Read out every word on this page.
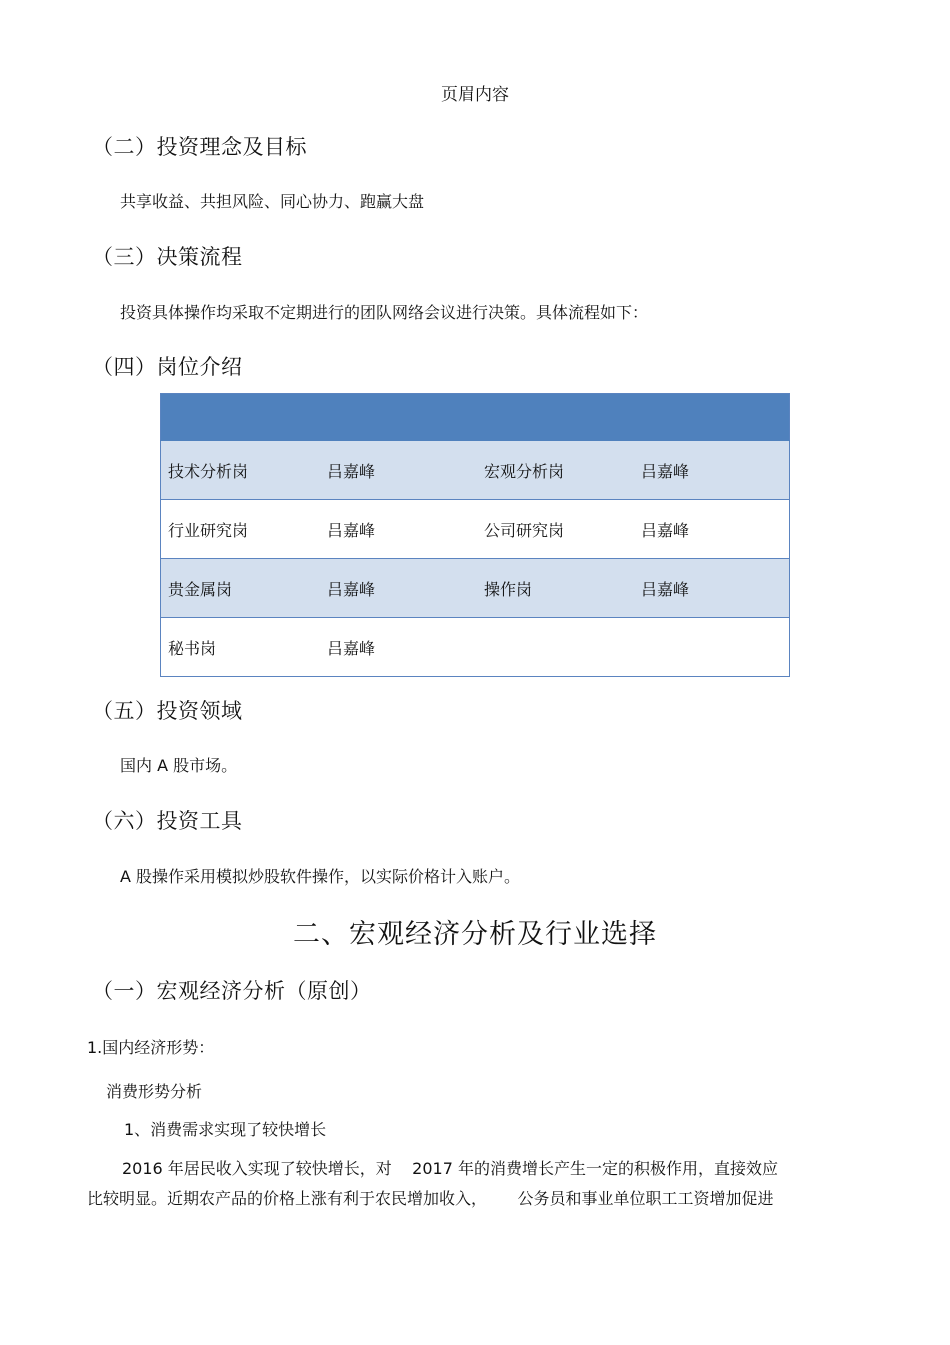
页眉内容
（二）投资理念及目标
共享收益、共担风险、同心协力、跑赢大盘
（三）决策流程
投资具体操作均采取不定期进行的团队网络会议进行决策。具体流程如下：
（四）岗位介绍

技术分析岗	吕嘉峰	宏观分析岗	吕嘉峰
行业研究岗	吕嘉峰	公司研究岗	吕嘉峰
贵金属岗	吕嘉峰	操作岗	吕嘉峰
秘书岗	吕嘉峰		
（五）投资领域
国内 A 股市场。
（六）投资工具
A 股操作采用模拟炒股软件操作，以实际价格计入账户。
二、宏观经济分析及行业选择
（一）宏观经济分析（原创）
1.国内经济形势：
消费形势分析
1、消费需求实现了较快增长
2016 年居民收入实现了较快增长，对    2017 年的消费增长产生一定的积极作用，直接效应
比较明显。近期农产品的价格上涨有利于农民增加收入，      公务员和事业单位职工工资增加促进
